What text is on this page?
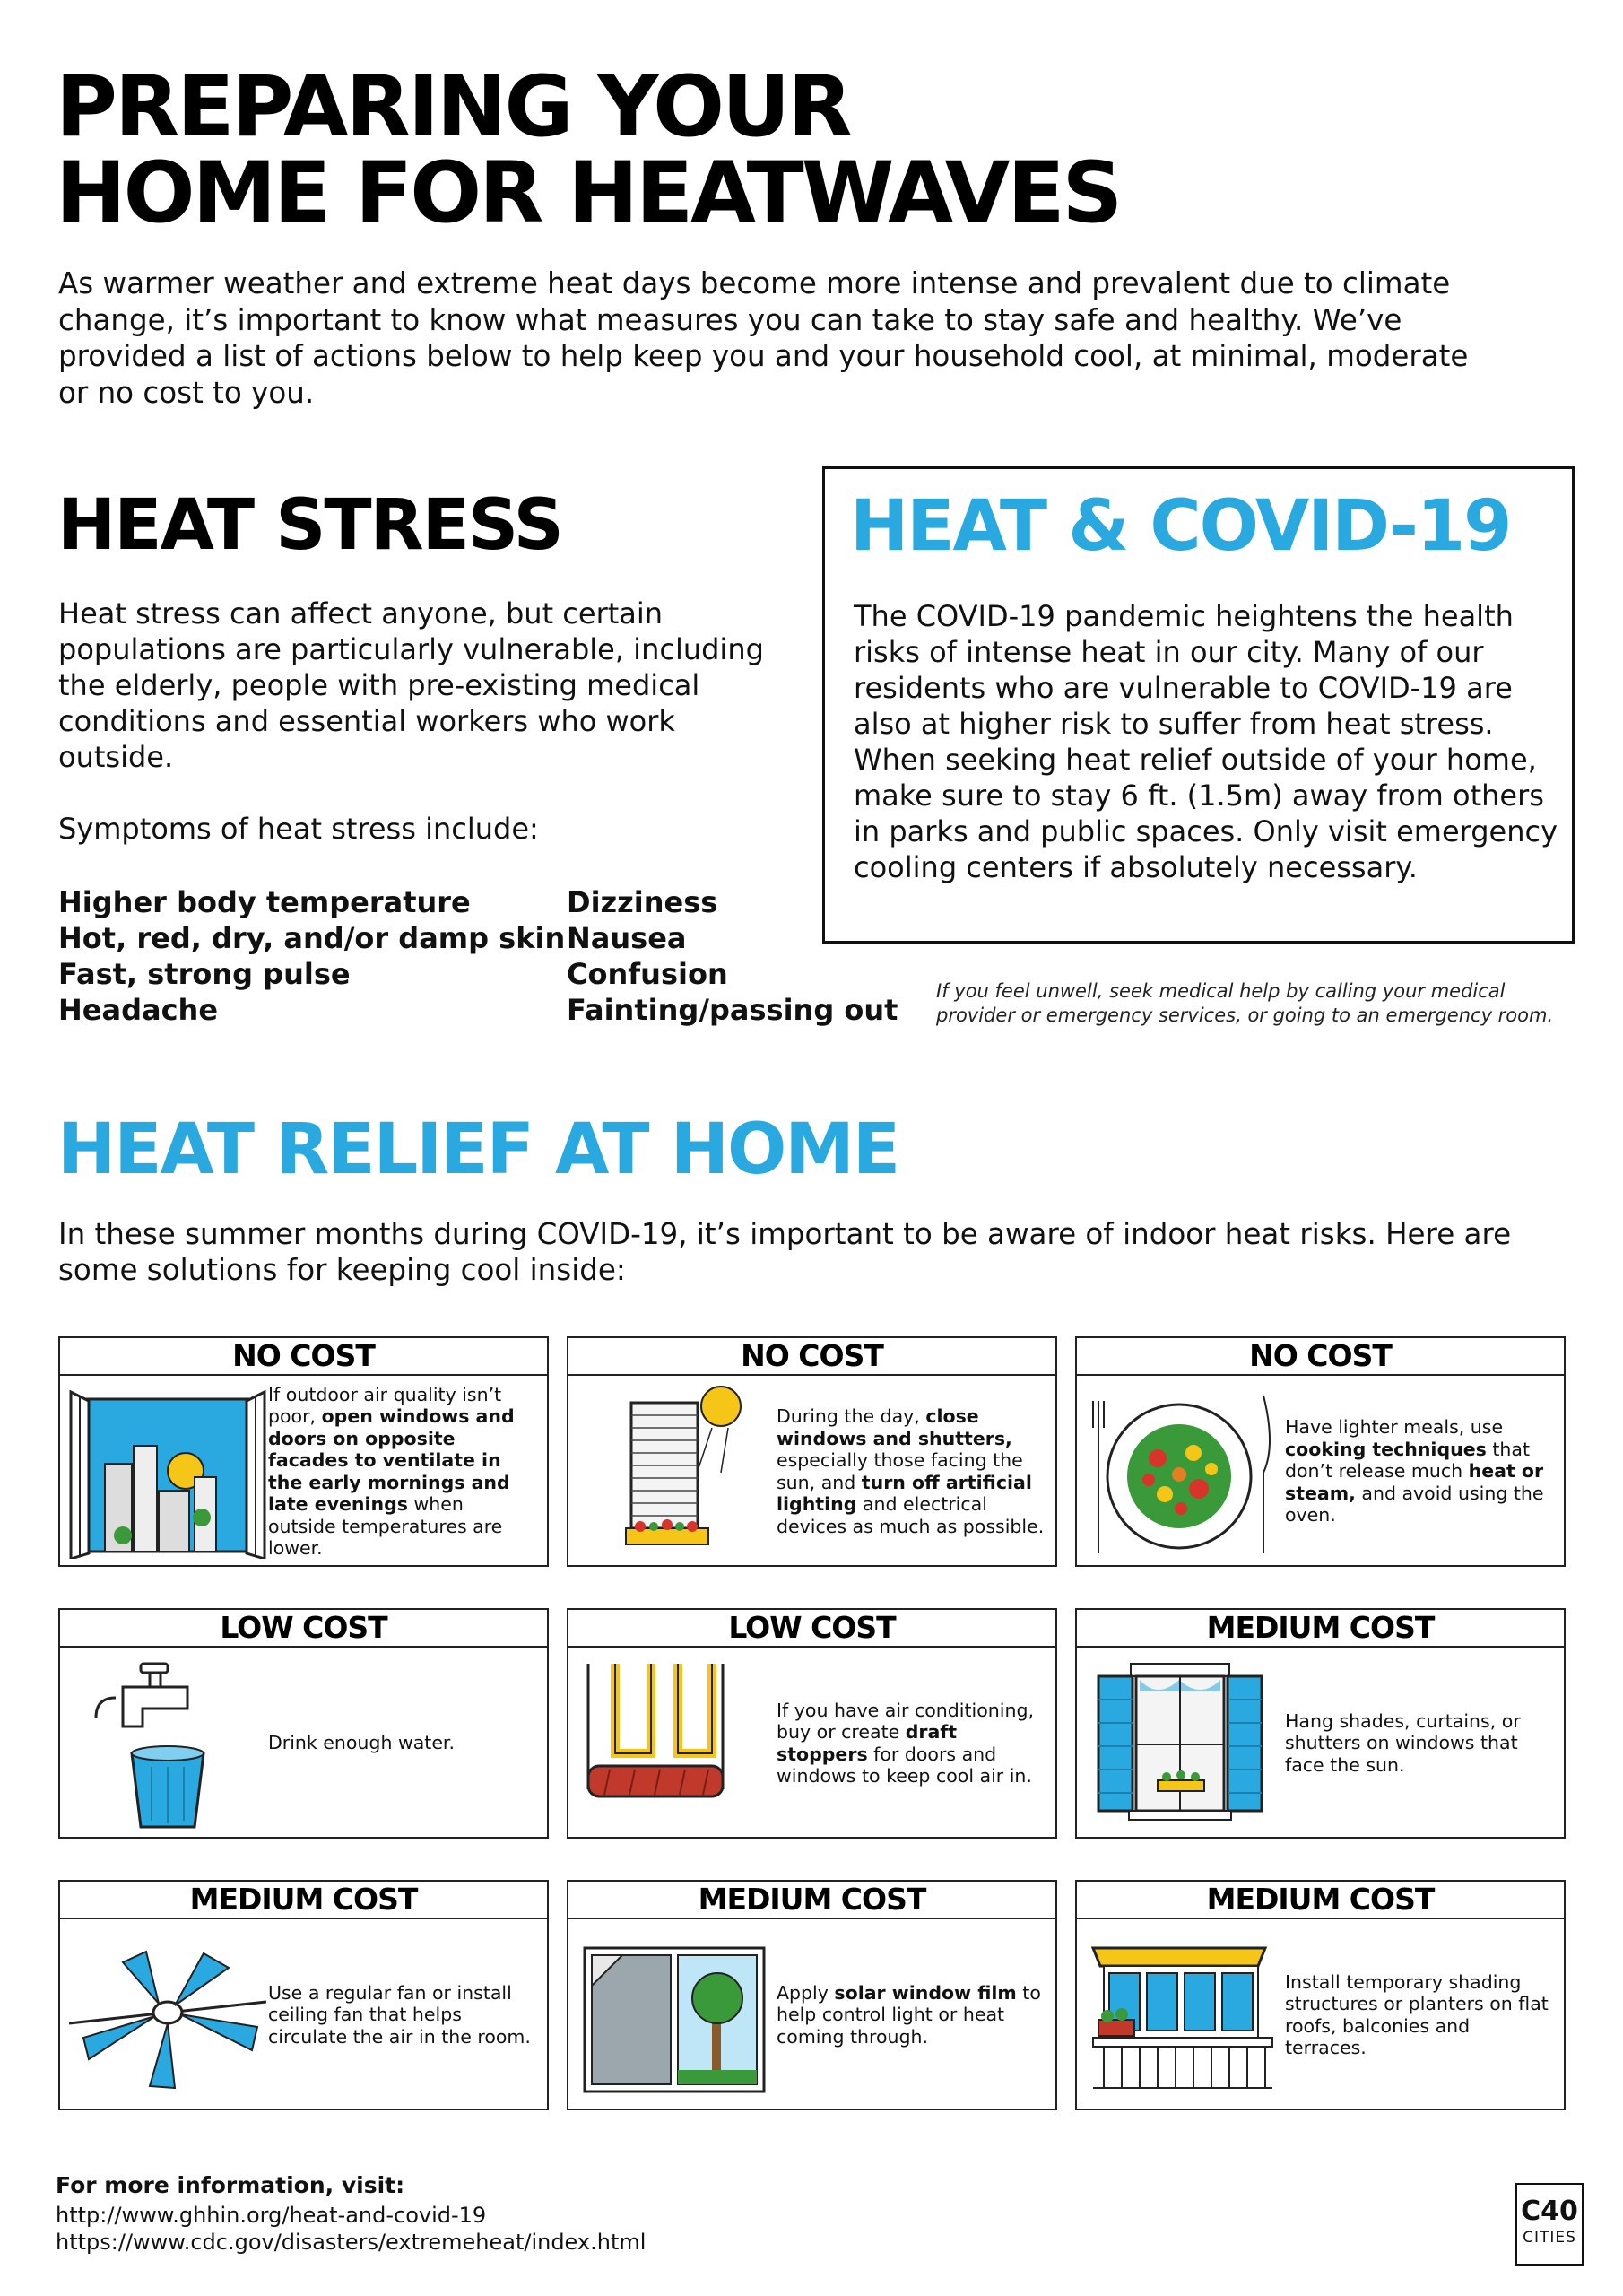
PREPARING YOUR
HOME FOR HEATWAVES

As warmer weather and extreme heat days become more intense and prevalent due to climate change, it’s important to know what measures you can take to stay safe and healthy. We’ve provided a list of actions below to help keep you and your household cool, at minimal, moderate or no cost to you.

HEAT STRESS

Heat stress can affect anyone, but certain populations are particularly vulnerable, including the elderly, people with pre-existing medical conditions and essential workers who work outside.

Symptoms of heat stress include:

Higher body temperature
Hot, red, dry, and/or damp skin
Fast, strong pulse
Headache
Dizziness
Nausea
Confusion
Fainting/passing out
HEAT & COVID-19

The COVID-19 pandemic heightens the health risks of intense heat in our city. Many of our residents who are vulnerable to COVID-19 are also at higher risk to suffer from heat stress. When seeking heat relief outside of your home, make sure to stay 6 ft. (1.5m) away from others in parks and public spaces. Only visit emergency cooling centers if absolutely necessary.

If you feel unwell, seek medical help by calling your medical provider or emergency services, or going to an emergency room.

HEAT RELIEF AT HOME

In these summer months during COVID-19, it’s important to be aware of indoor heat risks. Here are some solutions for keeping cool inside:

NO COST

If outdoor air quality isn’t poor, open windows and doors on opposite facades to ventilate in the early mornings and late evenings when outside temperatures are lower.

NO COST

During the day, close windows and shutters, especially those facing the sun, and turn off artificial lighting and electrical devices as much as possible.

NO COST

Have lighter meals, use cooking techniques that don’t release much heat or steam, and avoid using the oven.

LOW COST

Drink enough water.

LOW COST

If you have air conditioning, buy or create draft stoppers for doors and windows to keep cool air in.

MEDIUM COST

Hang shades, curtains, or shutters on windows that face the sun.

MEDIUM COST

Use a regular fan or install ceiling fan that helps circulate the air in the room.

MEDIUM COST

Apply solar window film to help control light or heat coming through.

MEDIUM COST

Install temporary shading structures or planters on flat roofs, balconies and terraces.

For more information, visit:

http://www.ghhin.org/heat-and-covid-19
https://www.cdc.gov/disasters/extremeheat/index.html
C40
CITIES
